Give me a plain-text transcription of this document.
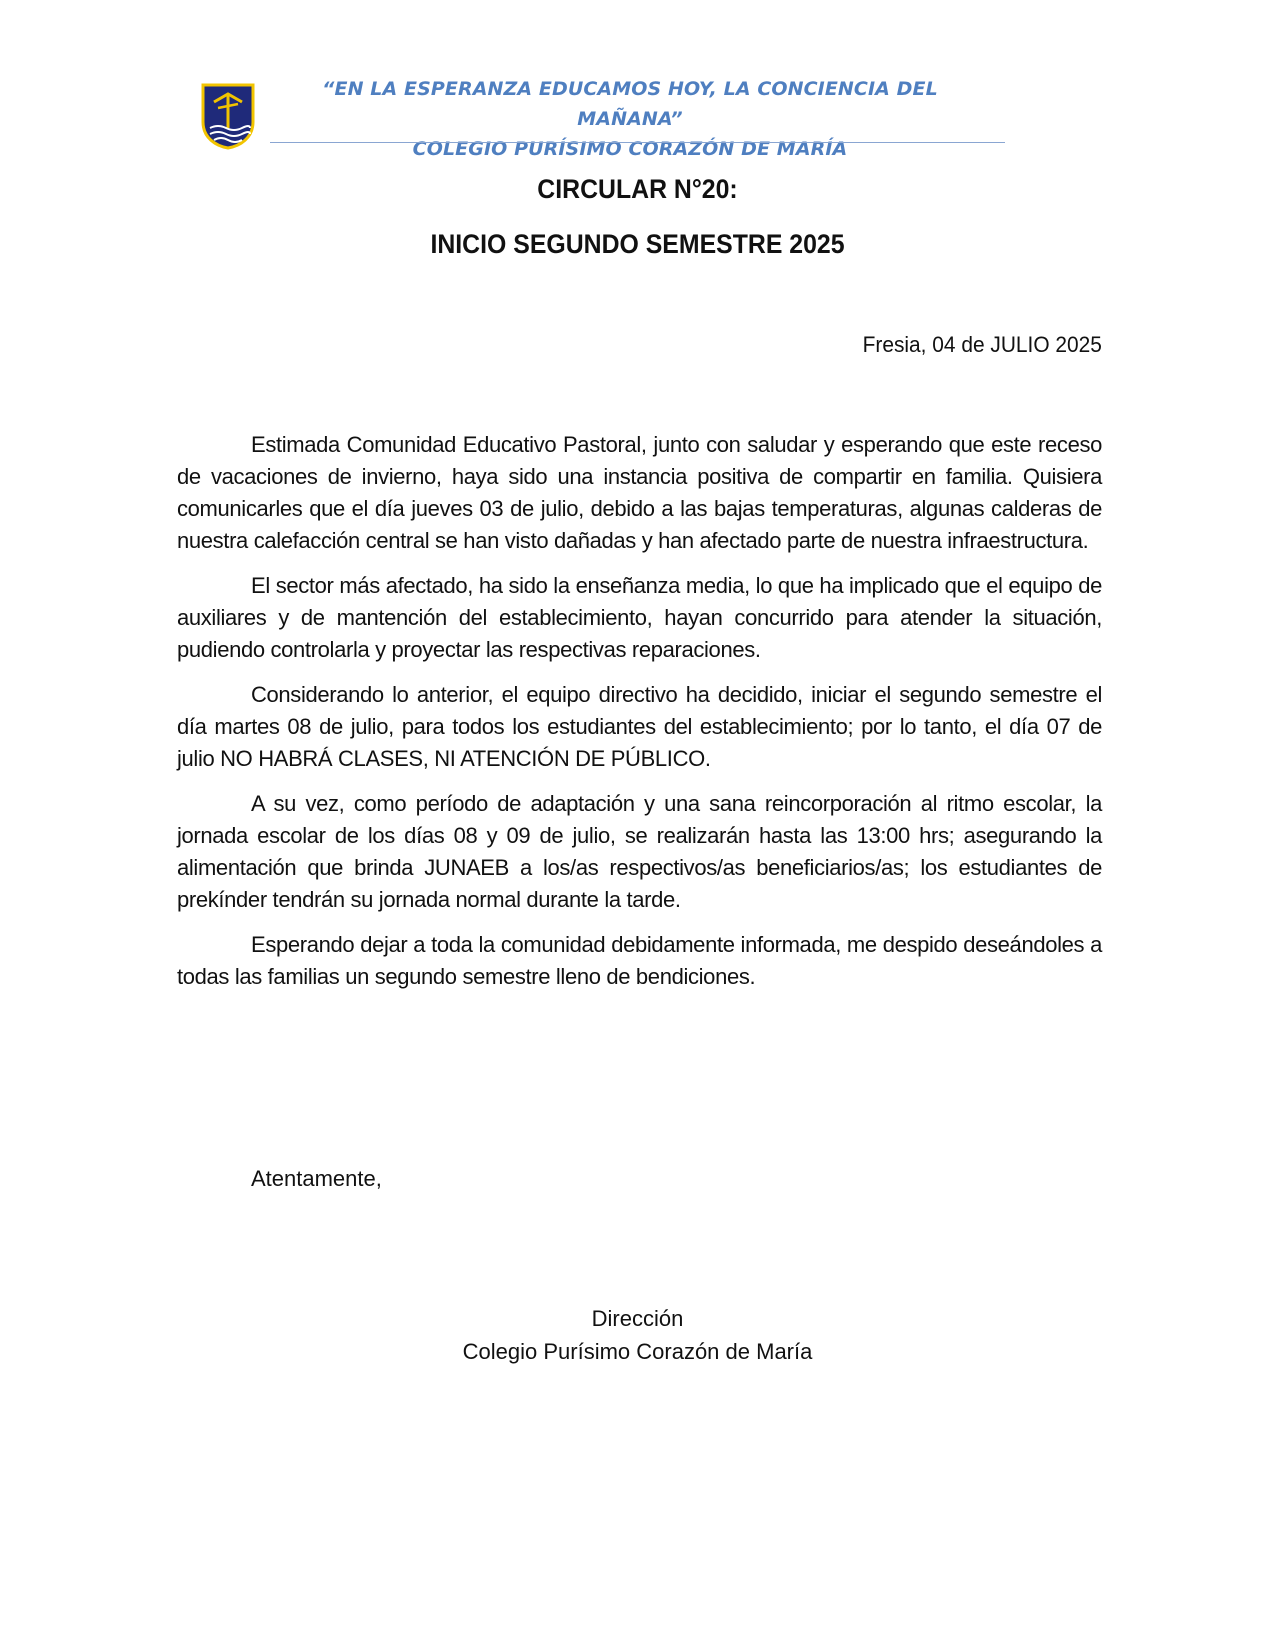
“EN LA ESPERANZA EDUCAMOS HOY, LA CONCIENCIA DEL MAÑANA”
COLEGIO PURÍSIMO CORAZÓN DE MARÍA
CIRCULAR N°20:
INICIO SEGUNDO SEMESTRE 2025
Fresia, 04 de JULIO 2025

Estimada Comunidad Educativo Pastoral, junto con saludar y esperando que este receso de vacaciones de invierno, haya sido una instancia positiva de compartir en familia. Quisiera comunicarles que el día jueves 03 de julio, debido a las bajas temperaturas, algunas calderas de nuestra calefacción central se han visto dañadas y han afectado parte de nuestra infraestructura.

El sector más afectado, ha sido la enseñanza media, lo que ha implicado que el equipo de auxiliares y de mantención del establecimiento, hayan concurrido para atender la situación, pudiendo controlarla y proyectar las respectivas reparaciones.

Considerando lo anterior, el equipo directivo ha decidido, iniciar el segundo semestre el día martes 08 de julio, para todos los estudiantes del establecimiento; por lo tanto, el día 07 de julio NO HABRÁ CLASES, NI ATENCIÓN DE PÚBLICO.

A su vez, como período de adaptación y una sana reincorporación al ritmo escolar, la jornada escolar de los días 08 y 09 de julio, se realizarán hasta las 13:00 hrs; asegurando la alimentación que brinda JUNAEB a los/as respectivos/as beneficiarios/as; los estudiantes de prekínder tendrán su jornada normal durante la tarde.

Esperando dejar a toda la comunidad debidamente informada, me despido deseándoles a todas las familias un segundo semestre lleno de bendiciones.

Atentamente,
Dirección
Colegio Purísimo Corazón de María
